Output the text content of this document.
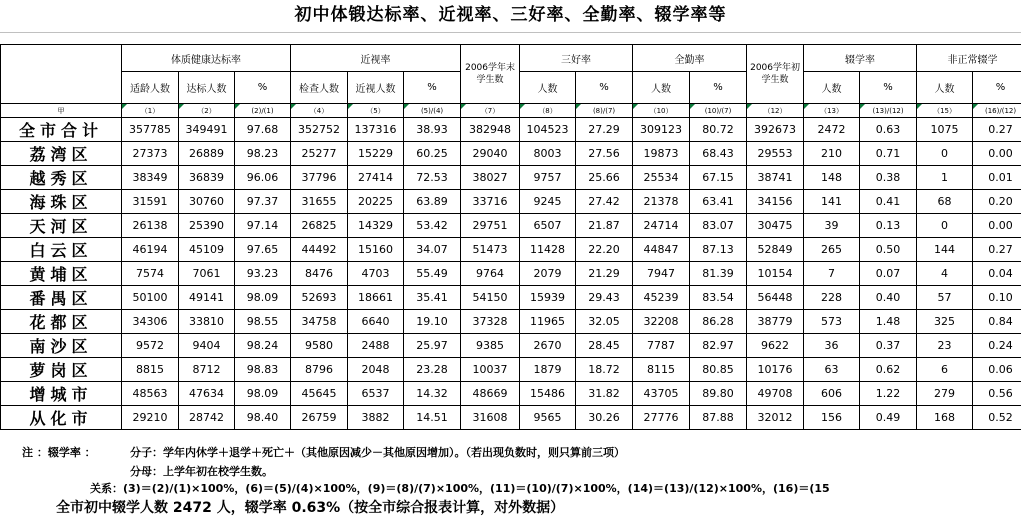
初中体锻达标率、近视率、三好率、全勤率、辍学率等
	体质健康达标率			近视率			2006学年末学生数	三好率		全勤率		2006学年初学生数	辍学率		非正常辍学	
	适龄人数	达标人数	%	检查人数	近视人数	%		人数	%	人数	%		人数	%	人数	%
甲	（1）	（2）	(2)/(1)	（4）	（5）	(5)/(4)	（7）	（8）	(8)/(7)	（10）	(10)/(7)	（12）	（13）	(13)/(12)	（15）	(16)/(12)
全市合计	357785	349491	97.68	352752	137316	38.93	382948	104523	27.29	309123	80.72	392673	2472	0.63	1075	0.27
荔湾区	27373	26889	98.23	25277	15229	60.25	29040	8003	27.56	19873	68.43	29553	210	0.71	0	0.00
越秀区	38349	36839	96.06	37796	27414	72.53	38027	9757	25.66	25534	67.15	38741	148	0.38	1	0.01
海珠区	31591	30760	97.37	31655	20225	63.89	33716	9245	27.42	21378	63.41	34156	141	0.41	68	0.20
天河区	26138	25390	97.14	26825	14329	53.42	29751	6507	21.87	24714	83.07	30475	39	0.13	0	0.00
白云区	46194	45109	97.65	44492	15160	34.07	51473	11428	22.20	44847	87.13	52849	265	0.50	144	0.27
黄埔区	7574	7061	93.23	8476	4703	55.49	9764	2079	21.29	7947	81.39	10154	7	0.07	4	0.04
番禺区	50100	49141	98.09	52693	18661	35.41	54150	15939	29.43	45239	83.54	56448	228	0.40	57	0.10
花都区	34306	33810	98.55	34758	6640	19.10	37328	11965	32.05	32208	86.28	38779	573	1.48	325	0.84
南沙区	9572	9404	98.24	9580	2488	25.97	9385	2670	28.45	7787	82.97	9622	36	0.37	23	0.24
萝岗区	8815	8712	98.83	8796	2048	23.28	10037	1879	18.72	8115	80.85	10176	63	0.62	6	0.06
增城市	48563	47634	98.09	45645	6537	14.32	48669	15486	31.82	43705	89.80	49708	606	1.22	279	0.56
从化市	29210	28742	98.40	26759	3882	14.51	31608	9565	30.26	27776	87.88	32012	156	0.49	168	0.52
注 ：辍学率 ：	分子：学年内休学＋退学＋死亡＋（其他原因减少－其他原因增加）。（若出现负数时，则只算前三项）
分母：上学年初在校学生数。
关系：(3)＝(2)/(1)×100%，(6)＝(5)/(4)×100%，(9)＝(8)/(7)×100%，(11)＝(10)/(7)×100%，(14)＝(13)/(12)×100%，(16)＝(15
全市初中辍学人数 2472 人，辍学率 0.63%（按全市综合报表计算，对外数据）
